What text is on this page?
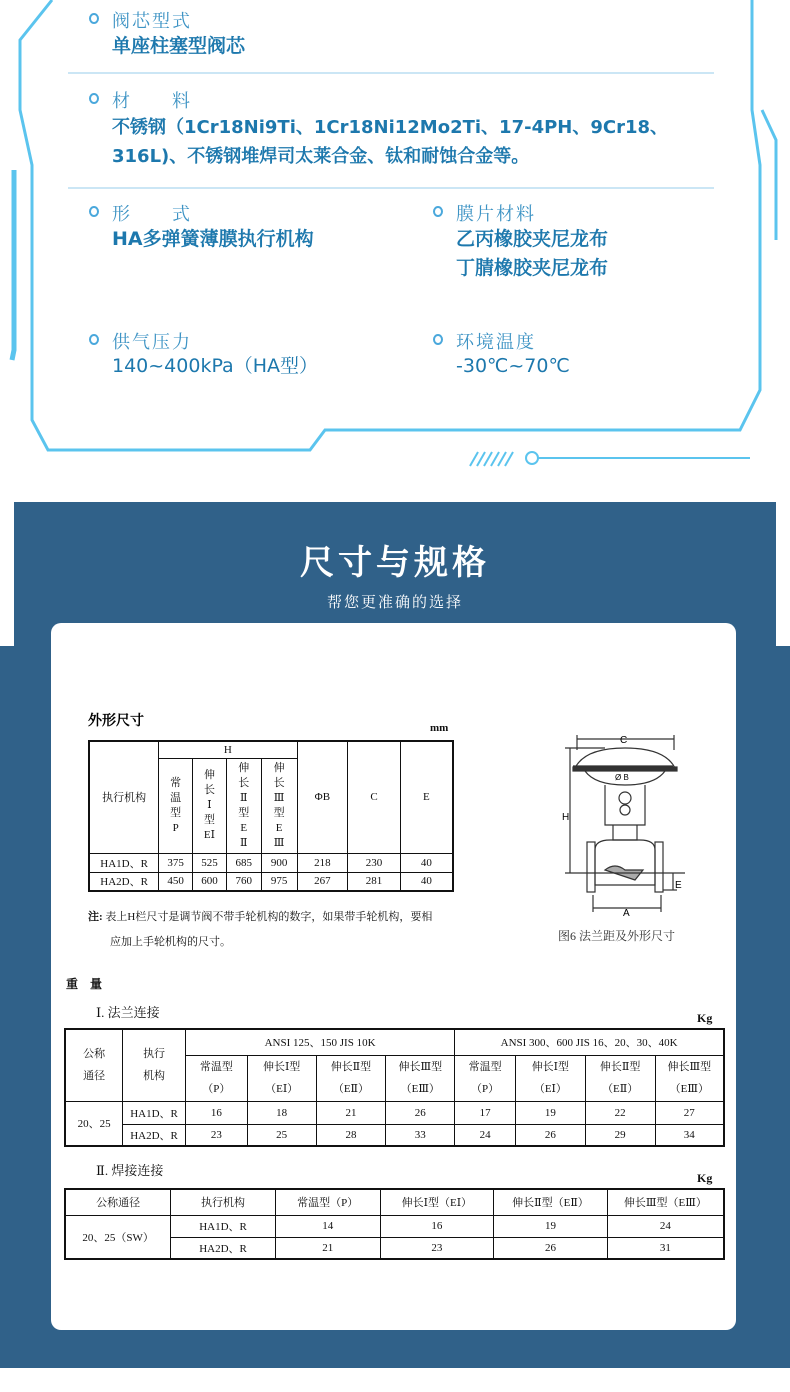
阀芯型式
单座柱塞型阀芯
材　　料
不锈钢（1Cr18Ni9Ti、1Cr18Ni12Mo2Ti、17-4PH、9Cr18、
316L)、不锈钢堆焊司太莱合金、钛和耐蚀合金等。
形　　式
HA多弹簧薄膜执行机构
膜片材料
乙丙橡胶夹尼龙布
丁腈橡胶夹尼龙布
供气压力
140~400kPa（HA型）
环境温度
-30℃~70℃
尺寸与规格
帮您更准确的选择
外形尺寸	mm
执行机构	H				ΦB	C	E

	常温型P	伸长Ⅰ型EⅠ	伸长Ⅱ型EⅡ	伸长Ⅲ型EⅢ			

HA1D、R	375	525	685	900	218	230	40
HA2D、R	450	600	760	975	267	281	40
注: 表上H栏尺寸是调节阀不带手轮机构的数字，如果带手轮机构，要相
应加上手轮机构的尺寸。
C
Ø B
H
E
A
图6 法兰距及外形尺寸
重　量
Ⅰ. 法兰连接	Kg
公称通径	执行机构	ANSI 125、150 JIS 10K				ANSI 300、600 JIS 16、20、30、40K			
		常温型（P）	伸长Ⅰ型（EⅠ）	伸长Ⅱ型（EⅡ）	伸长Ⅲ型（EⅢ）	常温型（P）	伸长Ⅰ型（EⅠ）	伸长Ⅱ型（EⅡ）	伸长Ⅲ型（EⅢ）
20、25	HA1D、R	16	18	21	26	17	19	22	27
	HA2D、R	23	25	28	33	24	26	29	34
Ⅱ. 焊接连接	Kg
公称通径	执行机构	常温型（P）	伸长Ⅰ型（EⅠ）	伸长Ⅱ型（EⅡ）	伸长Ⅲ型（EⅢ）
20、25（SW）	HA1D、R	14	16	19	24
	HA2D、R	21	23	26	31
